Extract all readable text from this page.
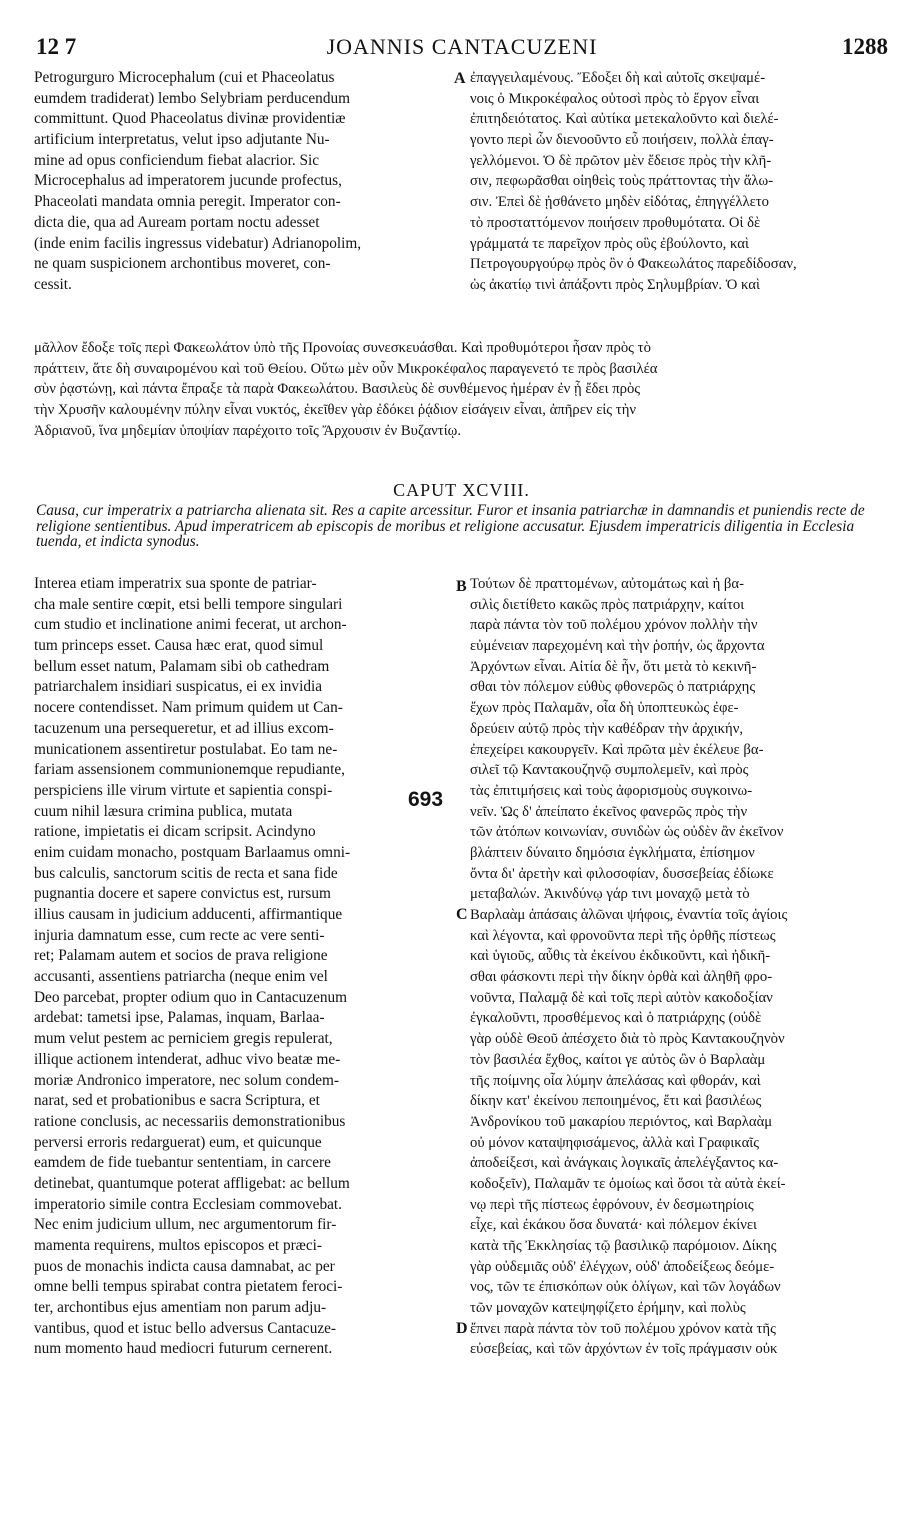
12 7	JOANNIS CANTACUZENI	1288
A
B
C
D
Petrogurguro Microcephalum (cui et Phaceolatus
eumdem tradiderat) lembo Selybriam perducendum
committunt. Quod Phaceolatus divinæ providentiæ
artificium interpretatus, velut ipso adjutante Nu-
mine ad opus conficiendum fiebat alacrior. Sic
Microcephalus ad imperatorem jucunde profectus,
Phaceolati mandata omnia peregit. Imperator con-
dicta die, qua ad Auream portam noctu adesset
(inde enim facilis ingressus videbatur) Adrianopolim,
ne quam suspicionem archontibus moveret, con-
cessit.
ἐπαγγειλαμένους. Ἔδοξει δὴ καὶ αὐτοῖς σκεψαμέ-
νοις ὁ Μικροκέφαλος οὑτοσὶ πρὸς τὸ ἔργον εἶναι
ἐπιτηδειότατος. Καὶ αὐτίκα μετεκαλοῦντο καὶ διελέ-
γοντο περὶ ὧν διενοοῦντο εὖ ποιήσειν, πολλὰ ἐπαγ-
γελλόμενοι. Ὁ δὲ πρῶτον μὲν ἔδεισε πρὸς τὴν κλῆ-
σιν, πεφωρᾶσθαι οἰηθεὶς τοὺς πράττοντας τὴν ἅλω-
σιν. Ἐπεὶ δὲ ᾐσθάνετο μηδὲν εἰδότας, ἐπηγγέλλετο
τὸ προσταττόμενον ποιήσειν προθυμότατα. Οἱ δὲ
γράμματά τε παρεῖχον πρὸς οὓς ἐβούλοντο, καὶ
Πετρογουργούρῳ πρὸς ὃν ὁ Φακεωλάτος παρεδίδοσαν,
ὡς ἀκατίῳ τινὶ ἀπάξοντι πρὸς Σηλυμβρίαν. Ὁ καὶ
μᾶλλον ἔδοξε τοῖς περὶ Φακεωλάτον ὑπὸ τῆς Προνοίας συνεσκευάσθαι. Καὶ προθυμότεροι ἦσαν πρὸς τὸ
πράττειν, ἅτε δὴ συναιρομένου καὶ τοῦ Θείου. Οὕτω μὲν οὖν Μικροκέφαλος παραγενετό τε πρὸς βασιλέα
σὺν ῥᾳστώνῃ, καὶ πάντα ἔπραξε τὰ παρὰ Φακεωλάτου. Βασιλεὺς δὲ συνθέμενος ἡμέραν ἐν ᾗ ἔδει πρὸς
τὴν Χρυσῆν καλουμένην πύλην εἶναι νυκτός, ἐκεῖθεν γὰρ ἐδόκει ῥᾴδιον εἰσάγειν εἶναι, ἀπῆρεν εἰς τὴν
Ἀδριανοῦ, ἵνα μηδεμίαν ὑποψίαν παρέχοιτο τοῖς Ἄρχουσιν ἐν Βυζαντίῳ.
CAPUT XCVIII.
Causa, cur imperatrix a patriarcha alienata sit. Res a capite arcessitur. Furor et insania patriarchæ in damnandis et puniendis recte de religione sentientibus. Apud imperatricem ab episcopis de moribus et religione accusatur. Ejusdem imperatricis diligentia in Ecclesia tuenda, et indicta synodus.
Interea etiam imperatrix sua sponte de patriar-
cha male sentire cœpit, etsi belli tempore singulari
cum studio et inclinatione animi fecerat, ut archon-
tum princeps esset. Causa hæc erat, quod simul
bellum esset natum, Palamam sibi ob cathedram
patriarchalem insidiari suspicatus, ei ex invidia
nocere contendisset. Nam primum quidem ut Can-
tacuzenum una persequeretur, et ad illius excom-
municationem assentiretur postulabat. Eo tam ne-
fariam assensionem communionemque repudiante,
perspiciens ille virum virtute et sapientia conspi-
cuum nihil læsura crimina publica, mutata
ratione, impietatis ei dicam scripsit. Acindyno
enim cuidam monacho, postquam Barlaamus omni-
bus calculis, sanctorum scitis de recta et sana fide
pugnantia docere et sapere convictus est, rursum
illius causam in judicium adducenti, affirmantique
injuria damnatum esse, cum recte ac vere senti-
ret; Palamam autem et socios de prava religione
accusanti, assentiens patriarcha (neque enim vel
Deo parcebat, propter odium quo in Cantacuzenum
ardebat: tametsi ipse, Palamas, inquam, Barlaa-
mum velut pestem ac perniciem gregis repulerat,
illique actionem intenderat, adhuc vivo beatæ me-
moriæ Andronico imperatore, nec solum condem-
narat, sed et probationibus e sacra Scriptura, et
ratione conclusis, ac necessariis demonstrationibus
perversi erroris redarguerat) eum, et quicunque
eamdem de fide tuebantur sententiam, in carcere
detinebat, quantumque poterat affligebat: ac bellum
imperatorio simile contra Ecclesiam commovebat.
Nec enim judicium ullum, nec argumentorum fir-
mamenta requirens, multos episcopos et præci-
puos de monachis indicta causa damnabat, ac per
omne belli tempus spirabat contra pietatem feroci-
ter, archontibus ejus amentiam non parum adju-
vantibus, quod et istuc bello adversus Cantacuze-
num momento haud mediocri futurum cernerent.
Τούτων δὲ πραττομένων, αὐτομάτως καὶ ἡ βα-
σιλὶς διετίθετο κακῶς πρὸς πατριάρχην, καίτοι
παρὰ πάντα τὸν τοῦ πολέμου χρόνον πολλὴν τὴν
εὐμένειαν παρεχομένη καὶ τὴν ῥοπήν, ὡς ἄρχοντα
Ἀρχόντων εἶναι. Αἰτία δὲ ἦν, ὅτι μετὰ τὸ κεκινῆ-
σθαι τὸν πόλεμον εὐθὺς φθονερῶς ὁ πατριάρχης
ἔχων πρὸς Παλαμᾶν, οἷα δὴ ὑποπτευκὼς ἐφε-
δρεύειν αὐτῷ πρὸς τὴν καθέδραν τὴν ἀρχικήν,
ἐπεχείρει κακουργεῖν. Καὶ πρῶτα μὲν ἐκέλευε βα-
σιλεῖ τῷ Καντακουζηνῷ συμπολεμεῖν, καὶ πρὸς
τὰς ἐπιτιμήσεις καὶ τοὺς ἀφορισμοὺς συγκοινω-
νεῖν. Ὡς δ' ἀπείπατο ἐκεῖνος φανερῶς πρὸς τὴν
τῶν ἀτόπων κοινωνίαν, συνιδὼν ὡς οὐδὲν ἂν ἐκεῖνον
βλάπτειν δύναιτο δημόσια ἐγκλήματα, ἐπίσημον
ὄντα δι' ἀρετὴν καὶ φιλοσοφίαν, δυσσεβείας ἐδίωκε
μεταβαλών. Ἀκινδύνῳ γάρ τινι μοναχῷ μετὰ τὸ
Βαρλαὰμ ἁπάσαις ἁλῶναι ψήφοις, ἐναντία τοῖς ἁγίοις
καὶ λέγοντα, καὶ φρονοῦντα περὶ τῆς ὀρθῆς πίστεως
καὶ ὑγιοῦς, αὖθις τὰ ἐκείνου ἐκδικοῦντι, καὶ ἠδικῆ-
σθαι φάσκοντι περὶ τὴν δίκην ὀρθὰ καὶ ἀληθῆ φρο-
νοῦντα, Παλαμᾷ δὲ καὶ τοῖς περὶ αὐτὸν κακοδοξίαν
ἐγκαλοῦντι, προσθέμενος καὶ ὁ πατριάρχης (οὐδὲ
γὰρ οὐδὲ Θεοῦ ἀπέσχετο διὰ τὸ πρὸς Καντακουζηνὸν
τὸν βασιλέα ἔχθος, καίτοι γε αὐτὸς ὢν ὁ Βαρλαὰμ
τῆς ποίμνης οἷα λύμην ἀπελάσας καὶ φθοράν, καὶ
δίκην κατ' ἐκείνου πεποιημένος, ἔτι καὶ βασιλέως
Ἀνδρονίκου τοῦ μακαρίου περιόντος, καὶ Βαρλαὰμ
οὐ μόνον καταψηφισάμενος, ἀλλὰ καὶ Γραφικαῖς
ἀποδείξεσι, καὶ ἀνάγκαις λογικαῖς ἀπελέγξαντος κα-
κοδοξεῖν), Παλαμᾶν τε ὁμοίως καὶ ὅσοι τὰ αὐτὰ ἐκεί-
νῳ περὶ τῆς πίστεως ἐφρόνουν, ἐν δεσμωτηρίοις
εἶχε, καὶ ἐκάκου ὅσα δυνατά· καὶ πόλεμον ἐκίνει
κατὰ τῆς Ἐκκλησίας τῷ βασιλικῷ παρόμοιον. Δίκης
γὰρ οὐδεμιᾶς οὐδ' ἐλέγχων, οὐδ' ἀποδείξεως δεόμε-
νος, τῶν τε ἐπισκόπων οὐκ ὀλίγων, καὶ τῶν λογάδων
τῶν μοναχῶν κατεψηφίζετο ἐρήμην, καὶ πολὺς
ἔπνει παρὰ πάντα τὸν τοῦ πολέμου χρόνον κατὰ τῆς
εὐσεβείας, καὶ τῶν ἀρχόντων ἐν τοῖς πράγμασιν οὐκ
693
